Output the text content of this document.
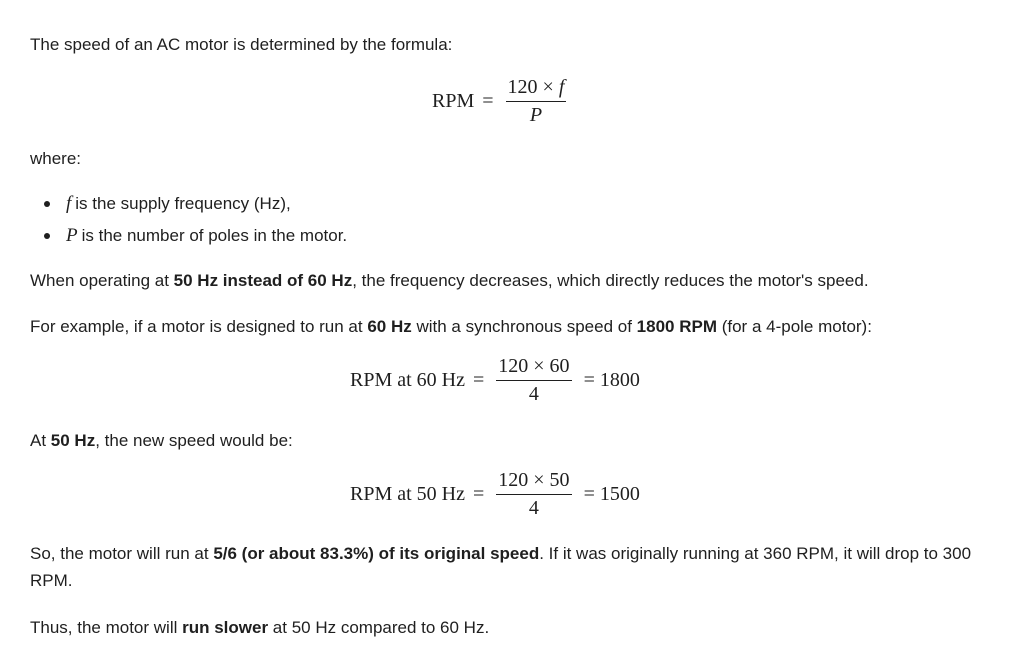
The speed of an AC motor is determined by the formula:

RPM = $\frac{120 \times f}{P}$

where:

f is the supply frequency (Hz),
P is the number of poles in the motor.

When operating at 50 Hz instead of 60 Hz, the frequency decreases, which directly reduces the motor's speed.

For example, if a motor is designed to run at 60 Hz with a synchronous speed of 1800 RPM (for a 4-pole motor):

RPM at 60 $Hz = \frac{120 \times 60}{4} = 1800$

At 50 Hz, the new speed would be:

RPM at 50 $Hz = \frac{120 \times 50}{4} = 1500$

So, the motor will run at 5/6 (or about 83.3%) of its original speed. If it was originally running at 360 RPM, it will drop to 300 RPM.

Thus, the motor will run slower at 50 Hz compared to 60 Hz.
